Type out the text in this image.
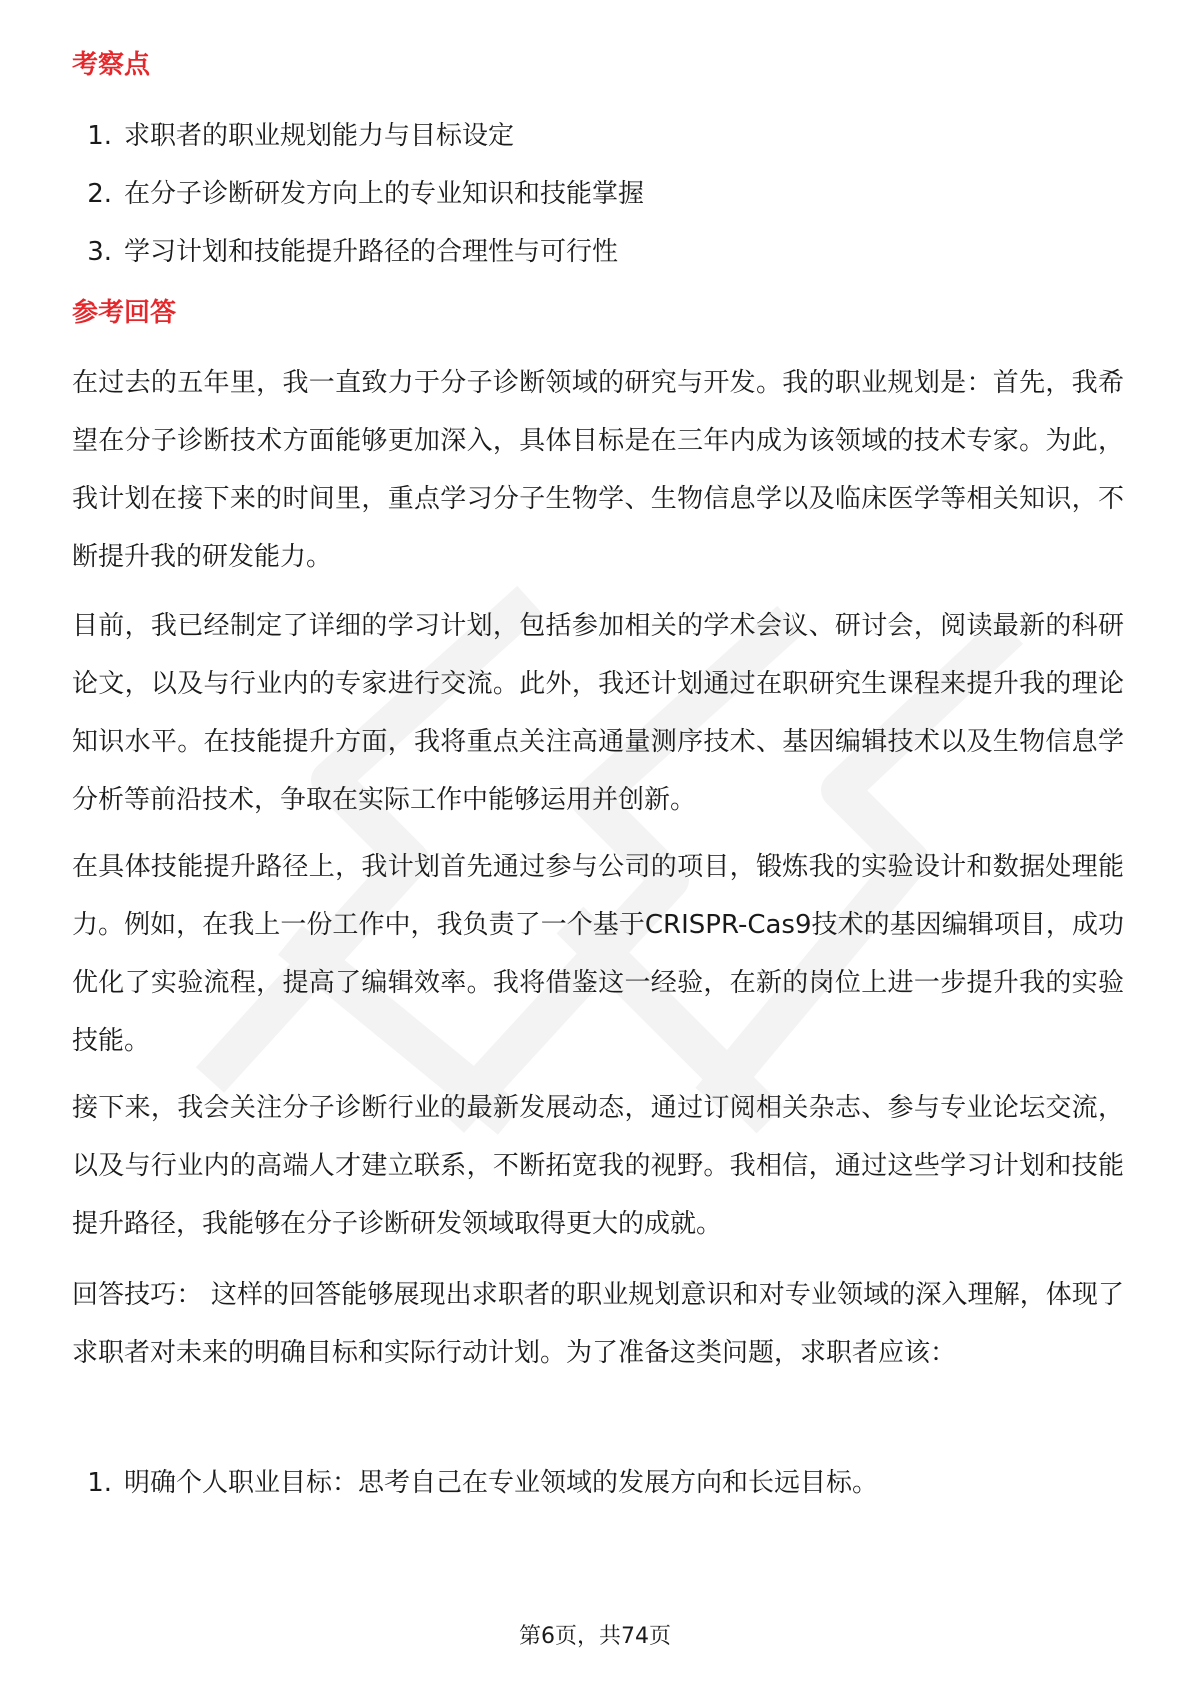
考察点
1. 求职者的职业规划能力与目标设定
2. 在分子诊断研发方向上的专业知识和技能掌握
3. 学习计划和技能提升路径的合理性与可行性
参考回答

在过去的五年里，我一直致力于分子诊断领域的研究与开发。我的职业规划是：首先，我希望在分子诊断技术方面能够更加深入，具体目标是在三年内成为该领域的技术专家。为此，我计划在接下来的时间里，重点学习分子生物学、生物信息学以及临床医学等相关知识，不断提升我的研发能力。

目前，我已经制定了详细的学习计划，包括参加相关的学术会议、研讨会，阅读最新的科研论文，以及与行业内的专家进行交流。此外，我还计划通过在职研究生课程来提升我的理论知识水平。在技能提升方面，我将重点关注高通量测序技术、基因编辑技术以及生物信息学分析等前沿技术，争取在实际工作中能够运用并创新。

在具体技能提升路径上，我计划首先通过参与公司的项目，锻炼我的实验设计和数据处理能力。例如，在我上一份工作中，我负责了一个基于CRISPR-Cas9技术的基因编辑项目，成功优化了实验流程，提高了编辑效率。我将借鉴这一经验，在新的岗位上进一步提升我的实验技能。

接下来，我会关注分子诊断行业的最新发展动态，通过订阅相关杂志、参与专业论坛交流，以及与行业内的高端人才建立联系，不断拓宽我的视野。我相信，通过这些学习计划和技能提升路径，我能够在分子诊断研发领域取得更大的成就。

回答技巧： 这样的回答能够展现出求职者的职业规划意识和对专业领域的深入理解，体现了求职者对未来的明确目标和实际行动计划。为了准备这类问题，求职者应该：

1. 明确个人职业目标：思考自己在专业领域的发展方向和长远目标。
第6页，共74页
